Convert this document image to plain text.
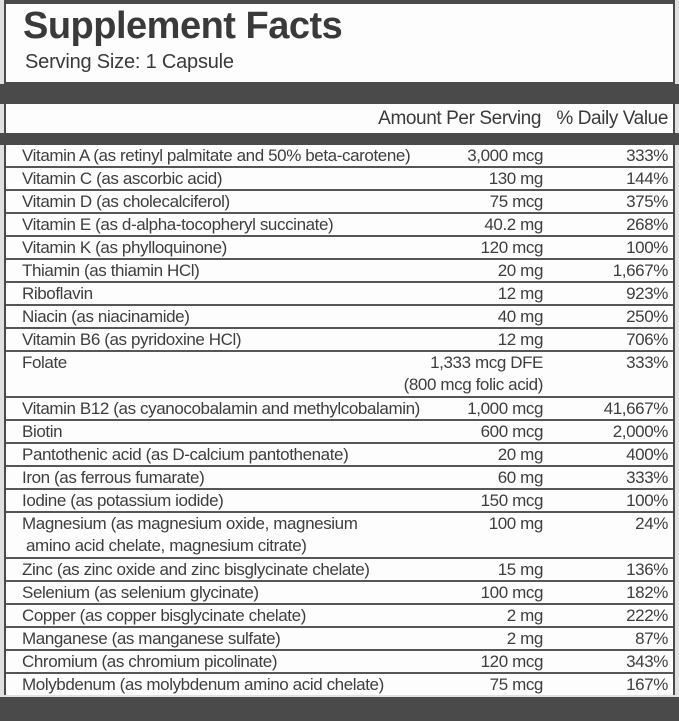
Supplement Facts
Serving Size: 1 Capsule
Amount Per Serving % Daily Value
Vitamin A (as retinyl palmitate and 50% beta-carotene)	3,000 mcg	333%
Vitamin C (as ascorbic acid)	130 mg	144%
Vitamin D (as cholecalciferol)	75 mcg	375%
Vitamin E (as d-alpha-tocopheryl succinate)	40.2 mg	268%
Vitamin K (as phylloquinone)	120 mcg	100%
Thiamin (as thiamin HCl)	20 mg	1,667%
Riboflavin	12 mg	923%
Niacin (as niacinamide)	40 mg	250%
Vitamin B6 (as pyridoxine HCl)	12 mg	706%
Folate	1,333 mcg DFE	333%
(800 mcg folic acid)
Vitamin B12 (as cyanocobalamin and methylcobalamin)	1,000 mcg	41,667%
Biotin	600 mcg	2,000%
Pantothenic acid (as D-calcium pantothenate)	20 mg	400%
Iron (as ferrous fumarate)	60 mg	333%
Iodine (as potassium iodide)	150 mcg	100%
Magnesium (as magnesium oxide, magnesium	100 mg	24%
amino acid chelate, magnesium citrate)
Zinc (as zinc oxide and zinc bisglycinate chelate)	15 mg	136%
Selenium (as selenium glycinate)	100 mcg	182%
Copper (as copper bisglycinate chelate)	2 mg	222%
Manganese (as manganese sulfate)	2 mg	87%
Chromium (as chromium picolinate)	120 mcg	343%
Molybdenum (as molybdenum amino acid chelate)	75 mcg	167%
